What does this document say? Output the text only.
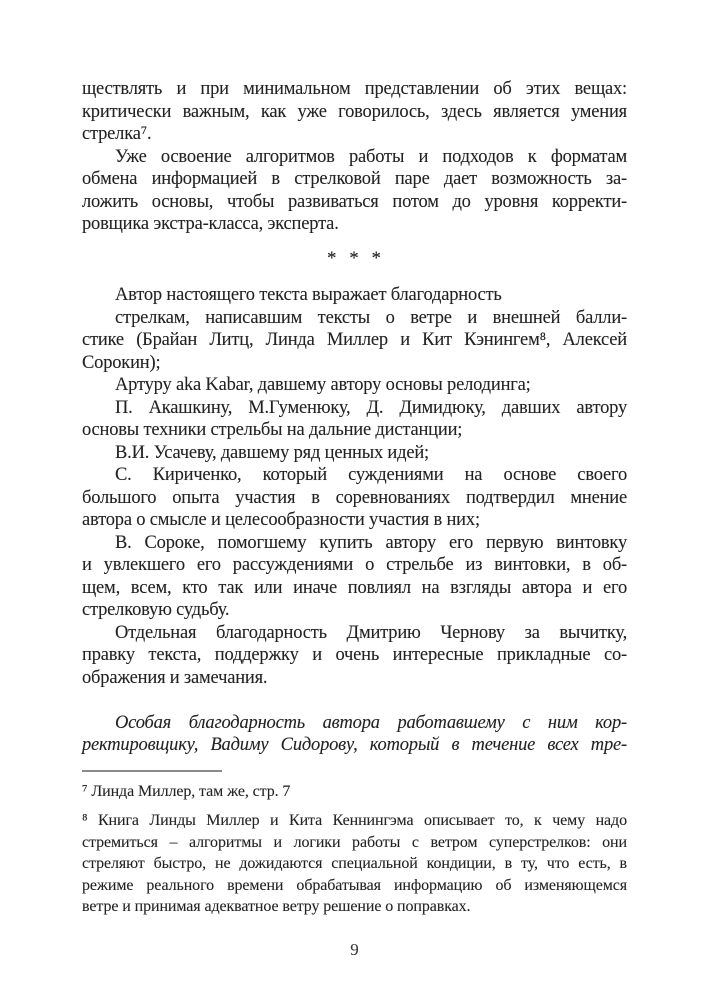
ществлять и при минимальном представлении об этих вещах:
критически важным, как уже говорилось, здесь является умения
стрелка⁷.
Уже освоение алгоритмов работы и подходов к форматам
обмена информацией в стрелковой паре дает возможность за-
ложить основы, чтобы развиваться потом до уровня корректи-
ровщика экстра-класса, эксперта.
* * *
Автор настоящего текста выражает благодарность
стрелкам, написавшим тексты о ветре и внешней балли-
стике (Брайан Литц, Линда Миллер и Кит Кэнингем⁸, Алексей
Сорокин);
Артуру aka Kabar, давшему автору основы релодинга;
П. Акашкину, М.Гуменюку, Д. Димидюку, давших автору
основы техники стрельбы на дальние дистанции;
В.И. Усачеву, давшему ряд ценных идей;
С. Кириченко, который суждениями на основе своего
большого опыта участия в соревнованиях подтвердил мнение
автора о смысле и целесообразности участия в них;
В. Сороке, помогшему купить автору его первую винтовку
и увлекшего его рассуждениями о стрельбе из винтовки, в об-
щем, всем, кто так или иначе повлиял на взгляды автора и его
стрелковую судьбу.
Отдельная благодарность Дмитрию Чернову за вычитку,
правку текста, поддержку и очень интересные прикладные со-
ображения и замечания.
Особая благодарность автора работавшему с ним кор-
ректировщику, Вадиму Сидорову, который в течение всех тре-
⁷ Линда Миллер, там же, стр. 7
⁸ Книга Линды Миллер и Кита Кеннингэма описывает то, к чему надо
стремиться – алгоритмы и логики работы с ветром суперстрелков: они
стреляют быстро, не дожидаются специальной кондиции, в ту, что есть, в
режиме реального времени обрабатывая информацию об изменяющемся
ветре и принимая адекватное ветру решение о поправках.
9
